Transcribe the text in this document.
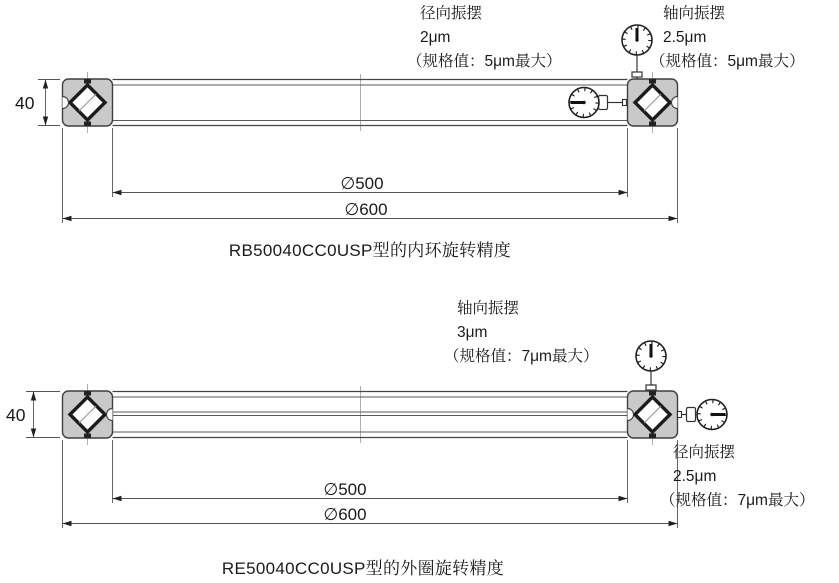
径向振摆
2μm
（规格值：5μm最大）
轴向振摆
2.5μm
（规格值：5μm最大）
40
∅500
∅600
RB50040CC0USP型的内环旋转精度
轴向振摆
3μm
（规格值：7μm最大）
径向振摆
2.5μm
（规格值：7μm最大）
40
∅500
∅600
RE50040CC0USP型的外圈旋转精度
